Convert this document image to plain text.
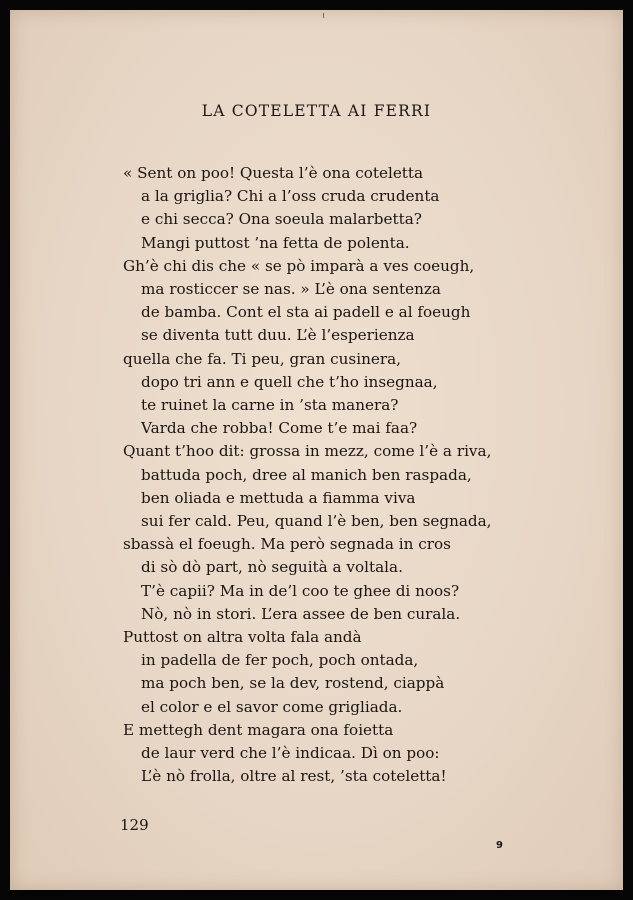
LA COTELETTA AI FERRI
« Sent on poo! Questa l’è ona coteletta
a la griglia? Chi a l’oss cruda crudenta
e chi secca? Ona soeula malarbetta?
Mangi puttost ’na fetta de polenta.
Gh’è chi dis che « se pò imparà a ves coeugh,
ma rosticcer se nas. » L’è ona sentenza
de bamba. Cont el sta ai padell e al foeugh
se diventa tutt duu. L’è l’esperienza
quella che fa. Ti peu, gran cusinera,
dopo tri ann e quell che t’ho insegnaa,
te ruinet la carne in ’sta manera?
Varda che robba! Come t’e mai faa?
Quant t’hoo dit: grossa in mezz, come l’è a riva,
battuda poch, dree al manich ben raspada,
ben oliada e mettuda a fiamma viva
sui fer cald. Peu, quand l’è ben, ben segnada,
sbassà el foeugh. Ma però segnada in cros
di sò dò part, nò seguità a voltala.
T’è capii? Ma in de’l coo te ghee di noos?
Nò, nò in stori. L’era assee de ben curala.
Puttost on altra volta fala andà
in padella de fer poch, poch ontada,
ma poch ben, se la dev, rostend, ciappà
el color e el savor come grigliada.
E mettegh dent magara ona foietta
de laur verd che l’è indicaa. Dì on poo:
L’è nò frolla, oltre al rest, ’sta coteletta!
129
9
